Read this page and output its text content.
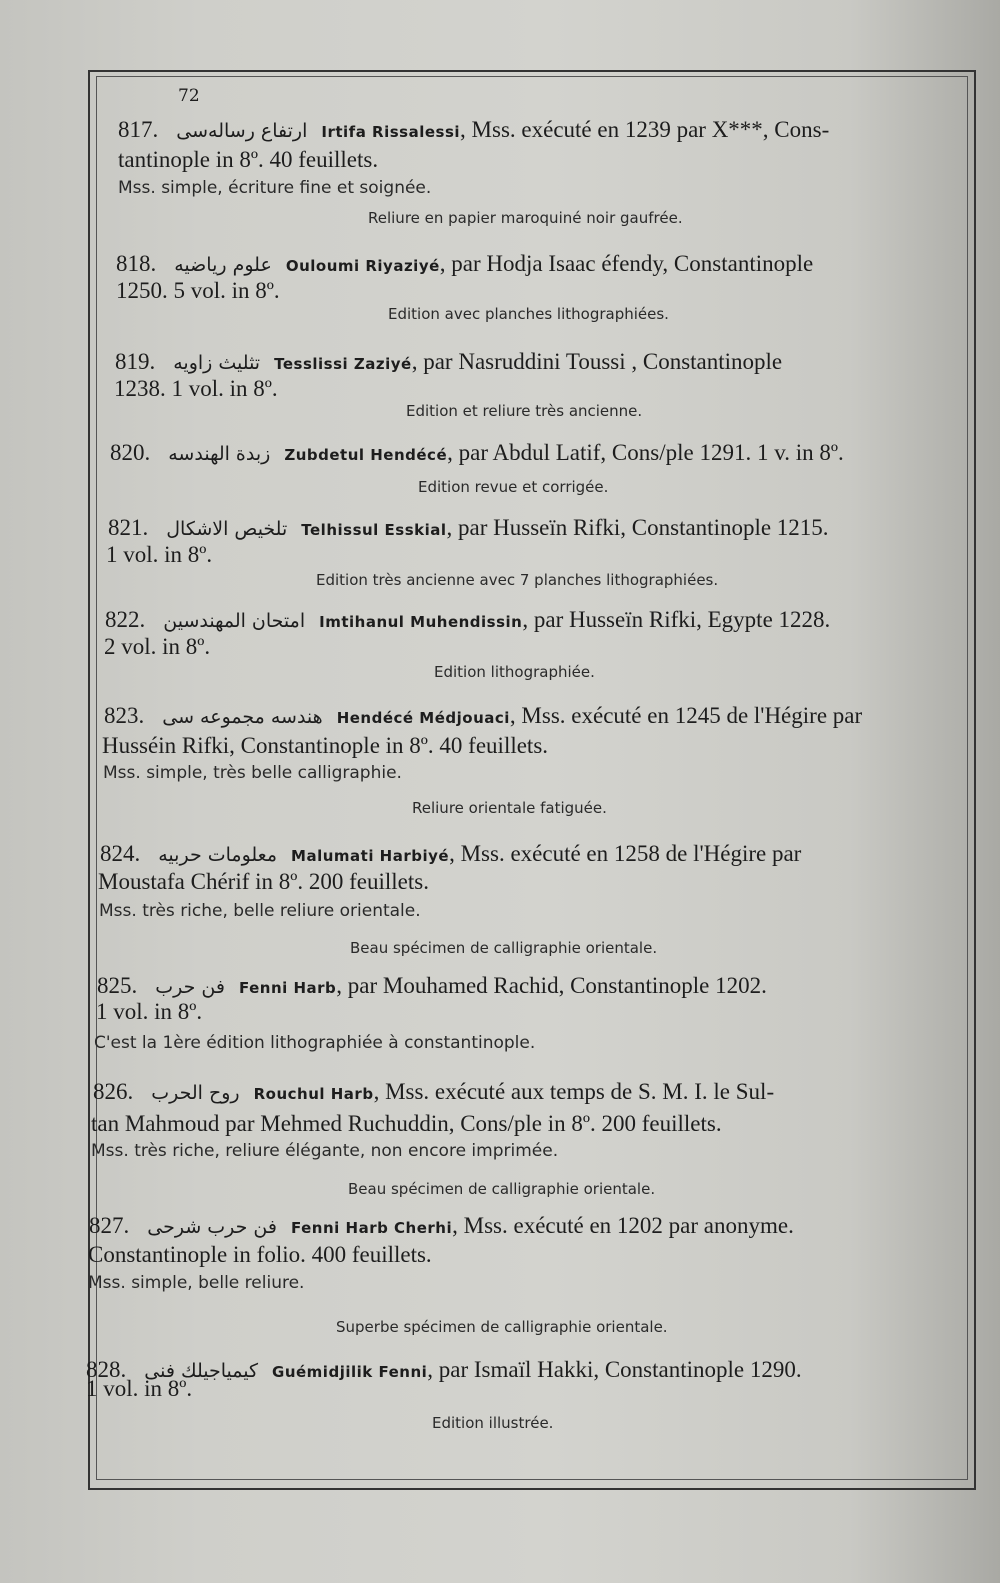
72
817. ارتفاع رسالەسی Irtifa Rissalessi, Mss. exécuté en 1239 par X***, Cons-
tantinople in 8º. 40 feuillets.
Mss. simple, écriture fine et soignée.
Reliure en papier maroquiné noir gaufrée.
818. علوم رياضيه Ouloumi Riyaziyé, par Hodja Isaac éfendy, Constantinople
1250. 5 vol. in 8º.
Edition avec planches lithographiées.
819. تثليث زاويه Tesslissi Zaziyé, par Nasruddini Toussi , Constantinople
1238. 1 vol. in 8º.
Edition et reliure très ancienne.
820. زبدة الهندسه Zubdetul Hendécé, par Abdul Latif, Cons/ple 1291. 1 v. in 8º.
Edition revue et corrigée.
821. تلخيص الاشكال Telhissul Esskial, par Husseïn Rifki, Constantinople 1215.
1 vol. in 8º.
Edition très ancienne avec 7 planches lithographiées.
822. امتحان المهندسين Imtihanul Muhendissin, par Husseïn Rifki, Egypte 1228.
2 vol. in 8º.
Edition lithographiée.
823. هندسه مجموعه سى Hendécé Médjouaci, Mss. exécuté en 1245 de l'Hégire par
Husséin Rifki, Constantinople in 8º. 40 feuillets.
Mss. simple, très belle calligraphie.
Reliure orientale fatiguée.
824. معلومات حربيه Malumati Harbiyé, Mss. exécuté en 1258 de l'Hégire par
Moustafa Chérif in 8º. 200 feuillets.
Mss. très riche, belle reliure orientale.
Beau spécimen de calligraphie orientale.
825. فن حرب Fenni Harb, par Mouhamed Rachid, Constantinople 1202.
1 vol. in 8º.
C'est la 1ère édition lithographiée à constantinople.
826. روح الحرب Rouchul Harb, Mss. exécuté aux temps de S. M. I. le Sul-
tan Mahmoud par Mehmed Ruchuddin, Cons/ple in 8º. 200 feuillets.
Mss. très riche, reliure élégante, non encore imprimée.
Beau spécimen de calligraphie orientale.
827. فن حرب شرحى Fenni Harb Cherhi, Mss. exécuté en 1202 par anonyme.
Constantinople in folio. 400 feuillets.
Mss. simple, belle reliure.
Superbe spécimen de calligraphie orientale.
828. كيمياجيلك فنى Guémidjilik Fenni, par Ismaïl Hakki, Constantinople 1290.
1 vol. in 8º.
Edition illustrée.
